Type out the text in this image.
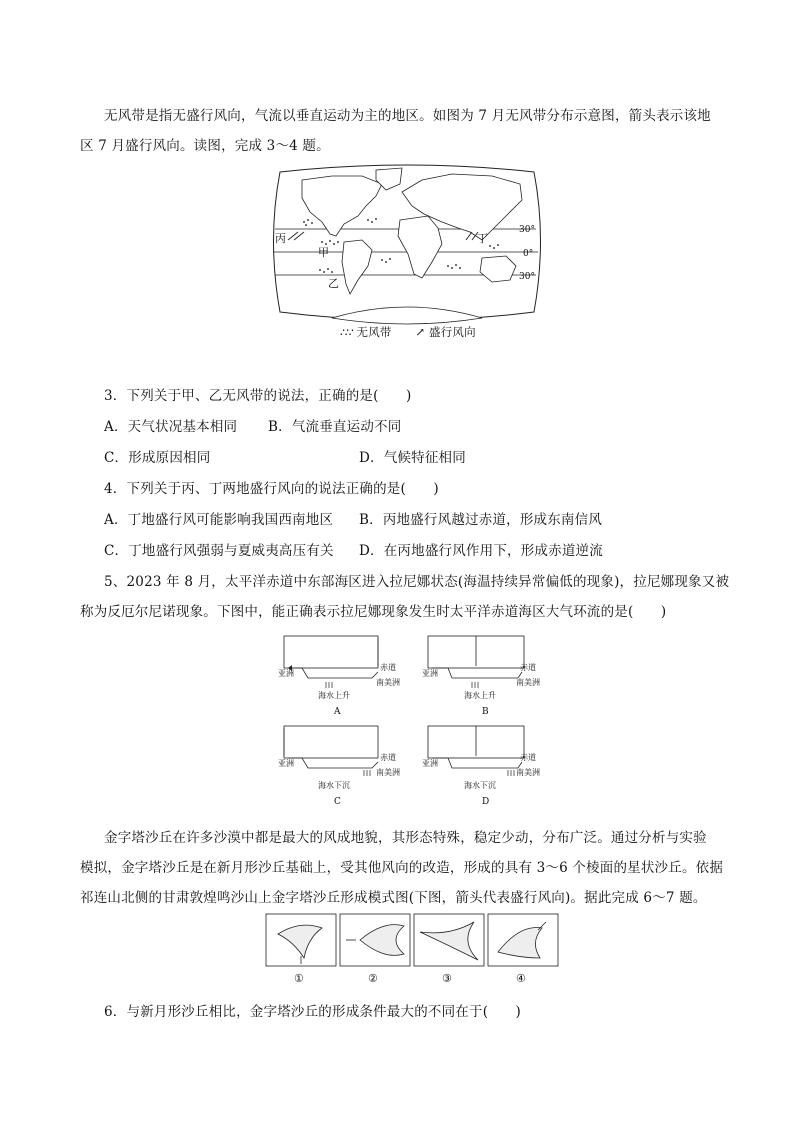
无风带是指无盛行风向，气流以垂直运动为主的地区。如图为 7 月无风带分布示意图，箭头表示该地
区 7 月盛行风向。读图，完成 3～4 题。
丙	丁
甲
乙
30°
0°
30°
∴∵ 无风带 ↗ 盛行风向
3．下列关于甲、乙无风带的说法，正确的是(　　)
A．天气状况基本相同 B．气流垂直运动不同
C．形成原因相同	D．气候特征相同
4．下列关于丙、丁两地盛行风向的说法正确的是(　　)
A．丁地盛行风可能影响我国西南地区 B．丙地盛行风越过赤道，形成东南信风
C．丁地盛行风强弱与夏威夷高压有关 D．在丙地盛行风作用下，形成赤道逆流
5、2023 年 8 月，太平洋赤道中东部海区进入拉尼娜状态(海温持续异常偏低的现象)，拉尼娜现象又被
称为反厄尔尼诺现象。下图中，能正确表示拉尼娜现象发生时太平洋赤道海区大气环流的是(　　)
亚洲
赤道
南美洲
海水上升
A
亚洲
赤道
南美洲
海水上升
B
亚洲
赤道
南美洲
海水下沉
C
亚洲
赤道
南美洲
海水下沉
D
金字塔沙丘在许多沙漠中都是最大的风成地貌，其形态特殊，稳定少动，分布广泛。通过分析与实验
模拟，金字塔沙丘是在新月形沙丘基础上，受其他风向的改造，形成的具有 3～6 个棱面的星状沙丘。依据
祁连山北侧的甘肃敦煌鸣沙山上金字塔沙丘形成模式图(下图，箭头代表盛行风向)。据此完成 6～7 题。
①	②	③	④
6．与新月形沙丘相比，金字塔沙丘的形成条件最大的不同在于(　　)
